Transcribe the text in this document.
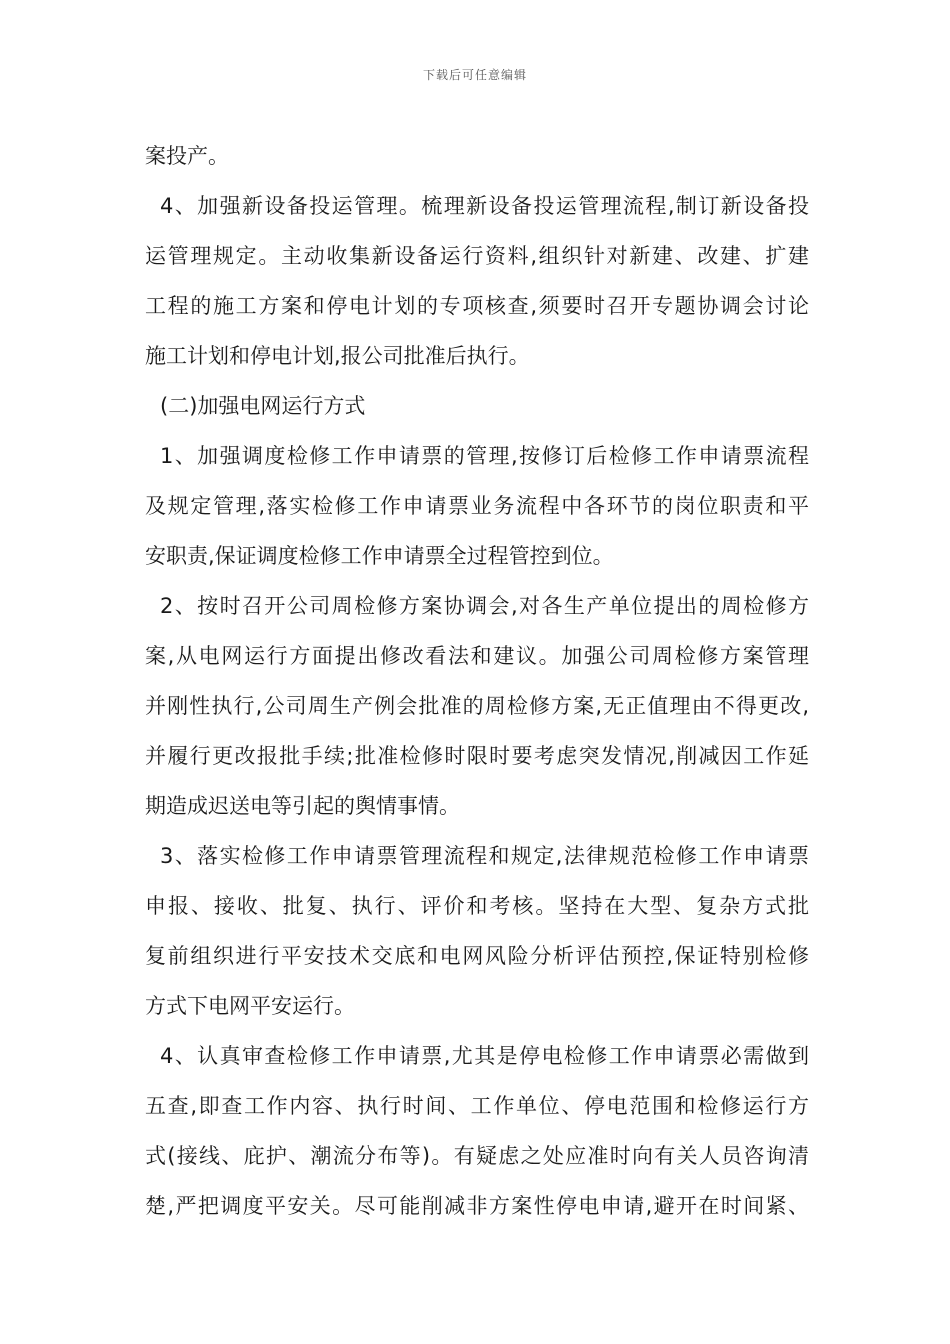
下载后可任意编辑
案投产。
4、加强新设备投运管理。梳理新设备投运管理流程,制订新设备投
运管理规定。主动收集新设备运行资料,组织针对新建、改建、扩建
工程的施工方案和停电计划的专项核查,须要时召开专题协调会讨论
施工计划和停电计划,报公司批准后执行。
(二)加强电网运行方式
1、加强调度检修工作申请票的管理,按修订后检修工作申请票流程
及规定管理,落实检修工作申请票业务流程中各环节的岗位职责和平
安职责,保证调度检修工作申请票全过程管控到位。
2、按时召开公司周检修方案协调会,对各生产单位提出的周检修方
案,从电网运行方面提出修改看法和建议。加强公司周检修方案管理
并刚性执行,公司周生产例会批准的周检修方案,无正值理由不得更改,
并履行更改报批手续;批准检修时限时要考虑突发情况,削减因工作延
期造成迟送电等引起的舆情事情。
3、落实检修工作申请票管理流程和规定,法律规范检修工作申请票
申报、接收、批复、执行、评价和考核。坚持在大型、复杂方式批
复前组织进行平安技术交底和电网风险分析评估预控,保证特别检修
方式下电网平安运行。
4、认真审查检修工作申请票,尤其是停电检修工作申请票必需做到
五查,即查工作内容、执行时间、工作单位、停电范围和检修运行方
式(接线、庇护、潮流分布等)。有疑虑之处应准时向有关人员咨询清
楚,严把调度平安关。尽可能削减非方案性停电申请,避开在时间紧、
